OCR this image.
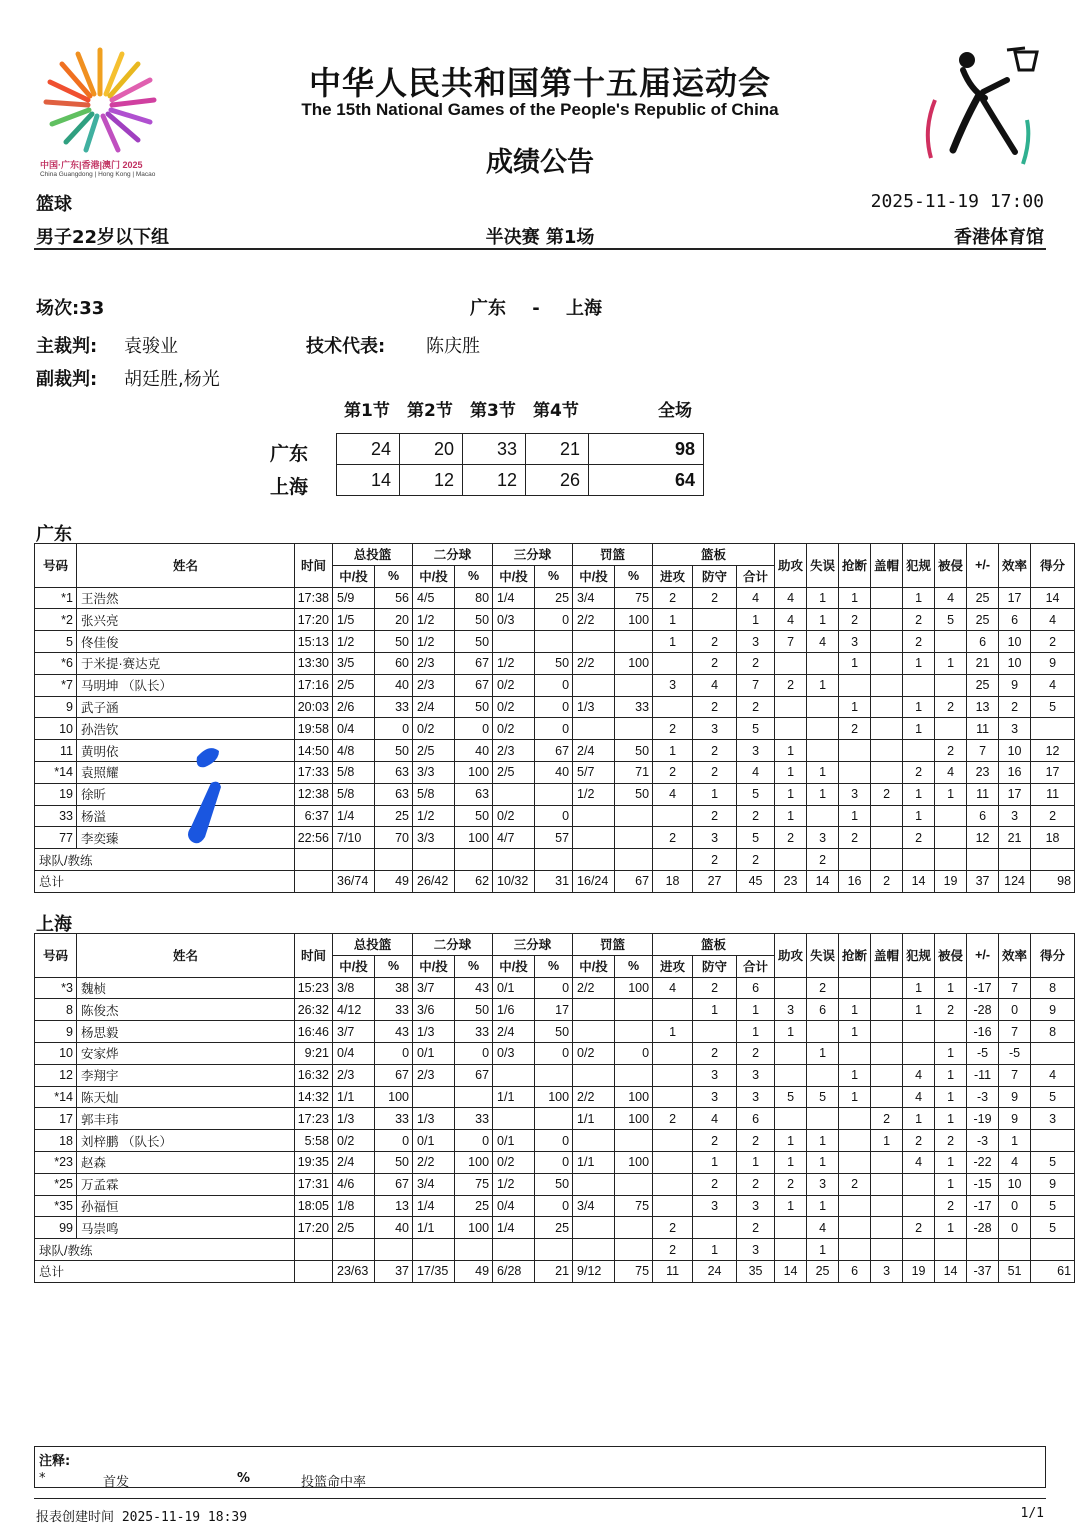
中国·广东|香港|澳门 2025
China Guangdong | Hong Kong | Macao
中华人民共和国第十五届运动会
The 15th National Games of the People's Republic of China
成绩公告
篮球	2025-11-19 17:00
男子22岁以下组	半决赛 第1场	香港体育馆
场次:33	广东 - 上海
主裁判: 袁骏业	技术代表: 陈庆胜
副裁判: 胡廷胜,杨光
第1节 第2节 第3节 第4节	全场
广东
上海
24	20	33	21	98
14	12	12	26	64
广东
号码	姓名	时间	总投篮		二分球		三分球		罚篮		篮板			助攻	失误	抢断	盖帽	犯规	被侵	+/-	效率	得分
			中/投	%	中/投	%	中/投	%	中/投	%	进攻	防守	合计									
*1	王浩然	17:38	5/9	56	4/5	80	1/4	25	3/4	75	2	2	4	4	1	1		1	4	25	17	14
*2	张兴亮	17:20	1/5	20	1/2	50	0/3	0	2/2	100	1		1	4	1	2		2	5	25	6	4
5	佟佳俊	15:13	1/2	50	1/2	50					1	2	3	7	4	3		2		6	10	2
*6	于米提·赛达克	13:30	3/5	60	2/3	67	1/2	50	2/2	100		2	2			1		1	1	21	10	9
*7	马明坤 （队长）	17:16	2/5	40	2/3	67	0/2	0			3	4	7	2	1					25	9	4
9	武子涵	20:03	2/6	33	2/4	50	0/2	0	1/3	33		2	2			1		1	2	13	2	5
10	孙浩钦	19:58	0/4	0	0/2	0	0/2	0			2	3	5			2		1		11	3	
11	黄明依	14:50	4/8	50	2/5	40	2/3	67	2/4	50	1	2	3	1					2	7	10	12
*14	袁照耀	17:33	5/8	63	3/3	100	2/5	40	5/7	71	2	2	4	1	1			2	4	23	16	17
19	徐昕	12:38	5/8	63	5/8	63			1/2	50	4	1	5	1	1	3	2	1	1	11	17	11
33	杨溢	6:37	1/4	25	1/2	50	0/2	0				2	2	1		1		1		6	3	2
77	李奕臻	22:56	7/10	70	3/3	100	4/7	57			2	3	5	2	3	2		2		12	21	18
球队/教练												2	2		2							
总计			36/74	49	26/42	62	10/32	31	16/24	67	18	27	45	23	14	16	2	14	19	37	124	98
上海
号码	姓名	时间	总投篮		二分球		三分球		罚篮		篮板			助攻	失误	抢断	盖帽	犯规	被侵	+/-	效率	得分
			中/投	%	中/投	%	中/投	%	中/投	%	进攻	防守	合计									
*3	魏桢	15:23	3/8	38	3/7	43	0/1	0	2/2	100	4	2	6		2			1	1	-17	7	8
8	陈俊杰	26:32	4/12	33	3/6	50	1/6	17				1	1	3	6	1		1	2	-28	0	9
9	杨思毅	16:46	3/7	43	1/3	33	2/4	50			1		1	1		1				-16	7	8
10	安家烨	9:21	0/4	0	0/1	0	0/3	0	0/2	0		2	2		1				1	-5	-5	
12	李翔宇	16:32	2/3	67	2/3	67						3	3			1		4	1	-11	7	4
*14	陈天灿	14:32	1/1	100			1/1	100	2/2	100		3	3	5	5	1		4	1	-3	9	5
17	郭丰玮	17:23	1/3	33	1/3	33			1/1	100	2	4	6				2	1	1	-19	9	3
18	刘梓鹏 （队长）	5:58	0/2	0	0/1	0	0/1	0				2	2	1	1		1	2	2	-3	1	
*23	赵森	19:35	2/4	50	2/2	100	0/2	0	1/1	100		1	1	1	1			4	1	-22	4	5
*25	万孟霖	17:31	4/6	67	3/4	75	1/2	50				2	2	2	3	2			1	-15	10	9
*35	孙福恒	18:05	1/8	13	1/4	25	0/4	0	3/4	75		3	3	1	1				2	-17	0	5
99	马崇鸣	17:20	2/5	40	1/1	100	1/4	25			2		2		4			2	1	-28	0	5
球队/教练											2	1	3		1							
总计			23/63	37	17/35	49	6/28	21	9/12	75	11	24	35	14	25	6	3	19	14	-37	51	61
注释:
*	首发	%	投篮命中率
报表创建时间 2025-11-19 18:39	1/1
